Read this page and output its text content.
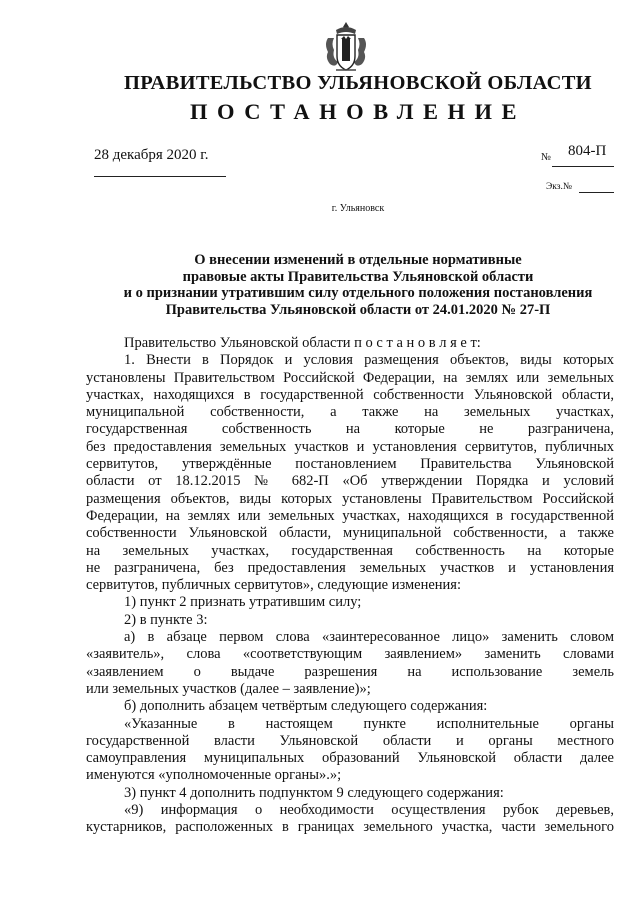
ПРАВИТЕЛЬСТВО УЛЬЯНОВСКОЙ ОБЛАСТИ
ПОСТАНОВЛЕНИЕ
28 декабря 2020 г.	№ 804-П
Экз.№
г. Ульяновск
О внесении изменений в отдельные нормативные
правовые акты Правительства Ульяновской области
и о признании утратившим силу отдельного положения постановления
Правительства Ульяновской области от 24.01.2020 № 27-П
Правительство Ульяновской области п о с т а н о в л я е т:
1. Внести в Порядок и условия размещения объектов, виды которых
установлены Правительством Российской Федерации, на землях или земельных
участках, находящихся в государственной собственности Ульяновской области,
муниципальной собственности, а также на земельных участках,
государственная собственность на которые не разграничена,
без предоставления земельных участков и установления сервитутов, публичных
сервитутов, утверждённые постановлением Правительства Ульяновской
области от 18.12.2015 № 682-П «Об утверждении Порядка и условий
размещения объектов, виды которых установлены Правительством Российской
Федерации, на землях или земельных участках, находящихся в государственной
собственности Ульяновской области, муниципальной собственности, а также
на земельных участках, государственная собственность на которые
не разграничена, без предоставления земельных участков и установления
сервитутов, публичных сервитутов», следующие изменения:
1) пункт 2 признать утратившим силу;
2) в пункте 3:
а) в абзаце первом слова «заинтересованное лицо» заменить словом
«заявитель», слова «соответствующим заявлением» заменить словами
«заявлением о выдаче разрешения на использование земель
или земельных участков (далее – заявление)»;
б) дополнить абзацем четвёртым следующего содержания:
«Указанные в настоящем пункте исполнительные органы
государственной власти Ульяновской области и органы местного
самоуправления муниципальных образований Ульяновской области далее
именуются «уполномоченные органы».»;
3) пункт 4 дополнить подпунктом 9 следующего содержания:
«9) информация о необходимости осуществления рубок деревьев,
кустарников, расположенных в границах земельного участка, части земельного
